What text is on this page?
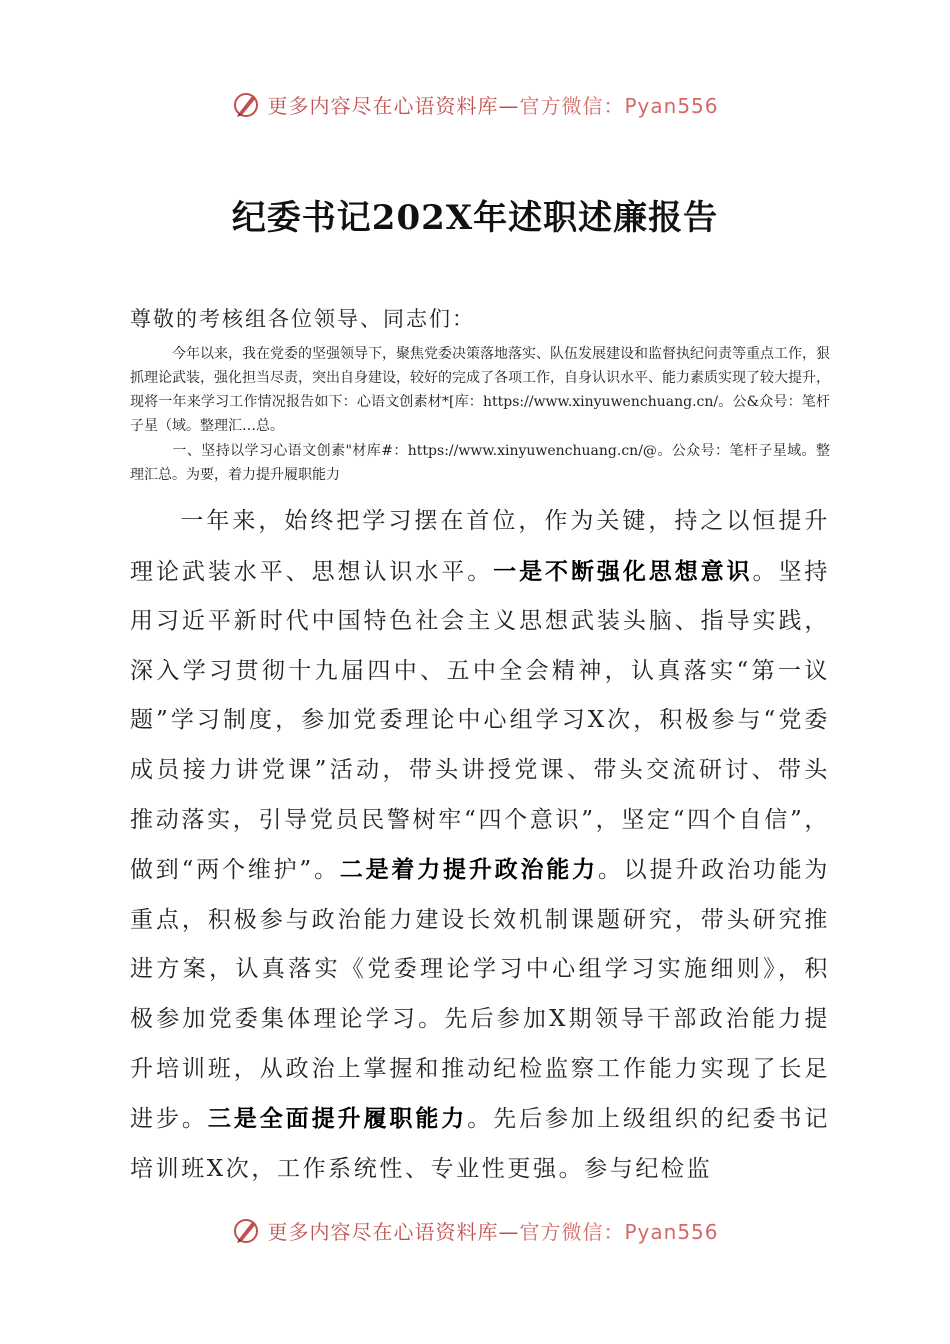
更多内容尽在心语资料库—官方微信：Pyan556
纪委书记202X年述职述廉报告
尊敬的考核组各位领导、同志们：
今年以来，我在党委的坚强领导下，聚焦党委决策落地落实、队伍发展建设和监督执纪问责等重点工作，狠抓理论武装，强化担当尽责，突出自身建设，较好的完成了各项工作，自身认识水平、能力素质实现了较大提升，现将一年来学习工作情况报告如下：心语文创素材*[库：https://www.xinyuwenchuang.cn/。公&众号：笔杆子星（域。整理汇…总。
一、坚持以学习心语文创素"材库#：https://www.xinyuwenchuang.cn/@。公众号：笔杆子星域。整理汇总。为要，着力提升履职能力
一年来，始终把学习摆在首位，作为关键，持之以恒提升理论武装水平、思想认识水平。一是不断强化思想意识。坚持用习近平新时代中国特色社会主义思想武装头脑、指导实践，深入学习贯彻十九届四中、五中全会精神，认真落实“第一议题”学习制度，参加党委理论中心组学习X次，积极参与“党委成员接力讲党课”活动，带头讲授党课、带头交流研讨、带头推动落实，引导党员民警树牢“四个意识”，坚定“四个自信”，做到“两个维护”。二是着力提升政治能力。以提升政治功能为重点，积极参与政治能力建设长效机制课题研究，带头研究推进方案，认真落实《党委理论学习中心组学习实施细则》，积极参加党委集体理论学习。先后参加X期领导干部政治能力提升培训班，从政治上掌握和推动纪检监察工作能力实现了长足进步。三是全面提升履职能力。先后参加上级组织的纪委书记培训班X次，工作系统性、专业性更强。参与纪检监
更多内容尽在心语资料库—官方微信：Pyan556
